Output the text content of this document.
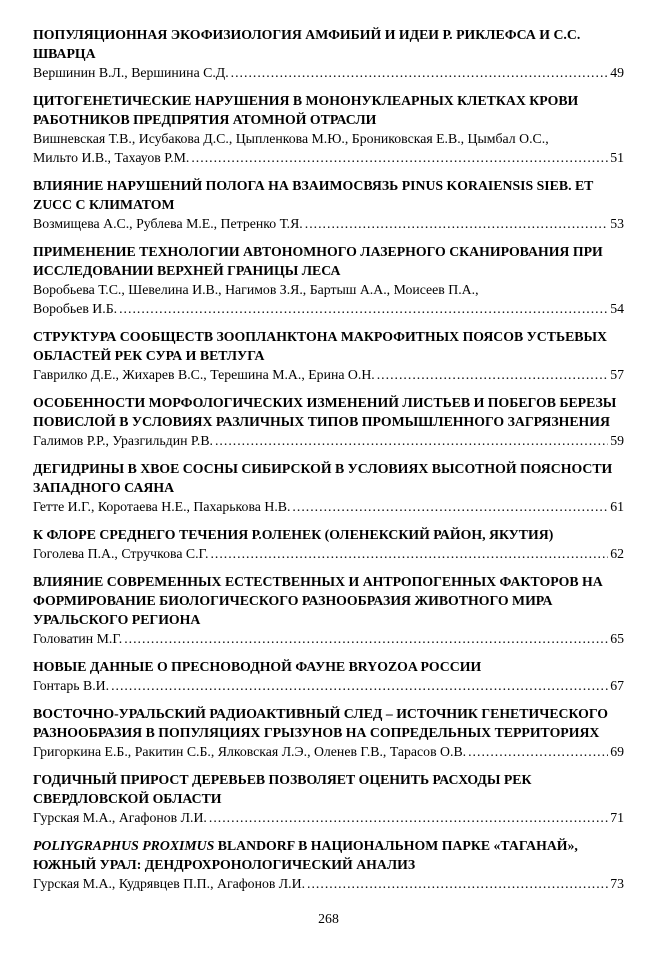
ПОПУЛЯЦИОННАЯ ЭКОФИЗИОЛОГИЯ АМФИБИЙ И ИДЕИ Р. РИКЛЕФСА И С.С. ШВАРЦА
Вершинин В.Л., Вершинина С.Д. .....	49
ЦИТОГЕНЕТИЧЕСКИЕ НАРУШЕНИЯ В МОНОНУКЛЕАРНЫХ КЛЕТКАХ КРОВИ РАБОТНИКОВ ПРЕДПРЯТИЯ АТОМНОЙ ОТРАСЛИ
Вишневская Т.В., Исубакова Д.С., Цыпленкова М.Ю., Брониковская Е.В., Цымбал О.С.,
Мильто И.В., Тахауов Р.М. .....	51
ВЛИЯНИЕ НАРУШЕНИЙ ПОЛОГА НА ВЗАИМОСВЯЗЬ PINUS KORAIENSIS SIEB. ET ZUCC С КЛИМАТОМ
Возмищева А.С., Рублева М.Е., Петренко Т.Я. .....	53
ПРИМЕНЕНИЕ ТЕХНОЛОГИИ АВТОНОМНОГО ЛАЗЕРНОГО СКАНИРОВАНИЯ ПРИ ИССЛЕДОВАНИИ ВЕРХНЕЙ ГРАНИЦЫ ЛЕСА
Воробьева Т.С., Шевелина И.В., Нагимов З.Я., Бартыш А.А., Моисеев П.А.,
Воробьев И.Б. .....	54
СТРУКТУРА СООБЩЕСТВ ЗООПЛАНКТОНА МАКРОФИТНЫХ ПОЯСОВ УСТЬЕВЫХ ОБЛАСТЕЙ РЕК СУРА И ВЕТЛУГА
Гаврилко Д.Е., Жихарев В.С., Терешина М.А., Ерина О.Н. .....	57
ОСОБЕННОСТИ МОРФОЛОГИЧЕСКИХ ИЗМЕНЕНИЙ ЛИСТЬЕВ И ПОБЕГОВ БЕРЕЗЫ ПОВИСЛОЙ В УСЛОВИЯХ РАЗЛИЧНЫХ ТИПОВ ПРОМЫШЛЕННОГО ЗАГРЯЗНЕНИЯ
Галимов Р.Р., Уразгильдин Р.В. .....	59
ДЕГИДРИНЫ В ХВОЕ СОСНЫ СИБИРСКОЙ В УСЛОВИЯХ ВЫСОТНОЙ ПОЯСНОСТИ ЗАПАДНОГО САЯНА
Гетте И.Г., Коротаева Н.Е., Пахарькова Н.В. .....	61
К ФЛОРЕ СРЕДНЕГО ТЕЧЕНИЯ Р.ОЛЕНЕК (ОЛЕНЕКСКИЙ РАЙОН, ЯКУТИЯ)
Гоголева П.А., Стручкова С.Г. .....	62
ВЛИЯНИЕ СОВРЕМЕННЫХ ЕСТЕСТВЕННЫХ И АНТРОПОГЕННЫХ ФАКТОРОВ НА ФОРМИРОВАНИЕ БИОЛОГИЧЕСКОГО РАЗНООБРАЗИЯ ЖИВОТНОГО МИРА УРАЛЬСКОГО РЕГИОНА
Головатин М.Г. .....	65
НОВЫЕ ДАННЫЕ О ПРЕСНОВОДНОЙ ФАУНЕ BRYOZOA РОССИИ
Гонтарь В.И. .....	67
ВОСТОЧНО-УРАЛЬСКИЙ РАДИОАКТИВНЫЙ СЛЕД – ИСТОЧНИК ГЕНЕТИЧЕСКОГО РАЗНООБРАЗИЯ В ПОПУЛЯЦИЯХ ГРЫЗУНОВ НА СОПРЕДЕЛЬНЫХ ТЕРРИТОРИЯХ
Григоркина Е.Б., Ракитин С.Б., Ялковская Л.Э., Оленев Г.В., Тарасов О.В. .....	69
ГОДИЧНЫЙ ПРИРОСТ ДЕРЕВЬЕВ ПОЗВОЛЯЕТ ОЦЕНИТЬ РАСХОДЫ РЕК СВЕРДЛОВСКОЙ ОБЛАСТИ
Гурская М.А., Агафонов Л.И. .....	71
POLIYGRAPHUS PROXIMUS BLANDORF В НАЦИОНАЛЬНОМ ПАРКЕ «ТАГАНАЙ», ЮЖНЫЙ УРАЛ: ДЕНДРОХРОНОЛОГИЧЕСКИЙ АНАЛИЗ
Гурская М.А., Кудрявцев П.П., Агафонов Л.И. .....	73
268
